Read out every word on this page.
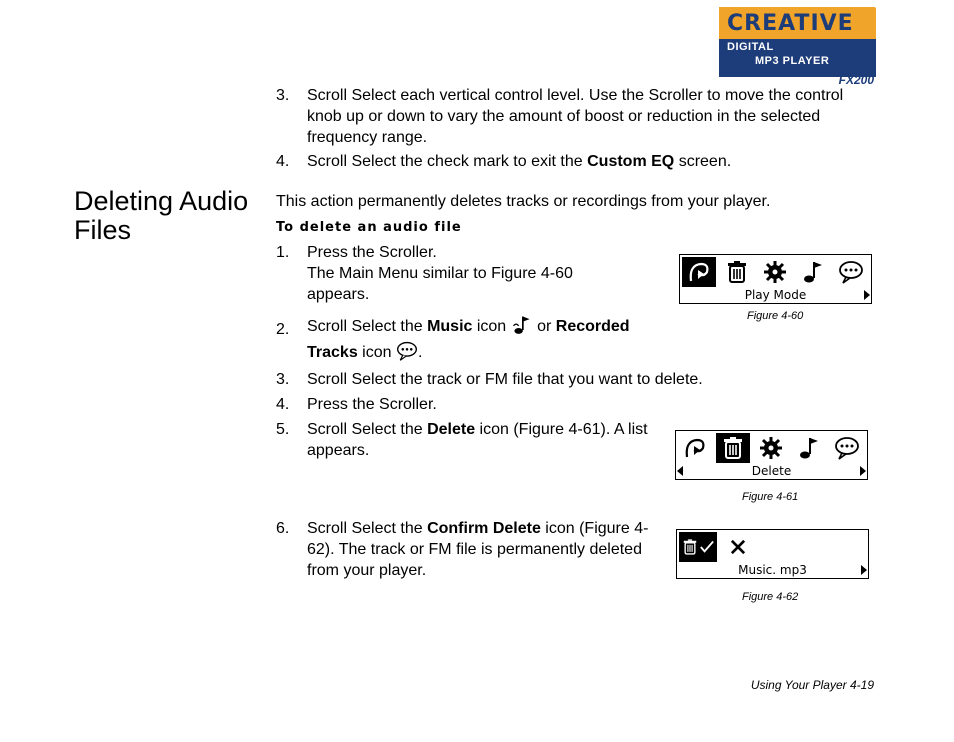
CREATIVE
DIGITAL
MP3 PLAYER
FX200
3. Scroll Select each vertical control level. Use the Scroller to move the control knob up or down to vary the amount of boost or reduction in the selected frequency range.
4. Scroll Select the check mark to exit the Custom EQ screen.
Deleting Audio Files
This action permanently deletes tracks or recordings from your player.
To delete an audio file
1. Press the Scroller.
The Main Menu similar to Figure 4-60 appears.
2. Scroll Select the Music icon  or Recorded Tracks icon .
3. Scroll Select the track or FM file that you want to delete.
4. Press the Scroller.
5. Scroll Select the Delete icon (Figure 4-61). A list appears.
6. Scroll Select the Confirm Delete icon (Figure 4-62). The track or FM file is permanently deleted from your player.
Play Mode
Figure 4-60
Delete
Figure 4-61
Music. mp3
Figure 4-62
Using Your Player 4-19
